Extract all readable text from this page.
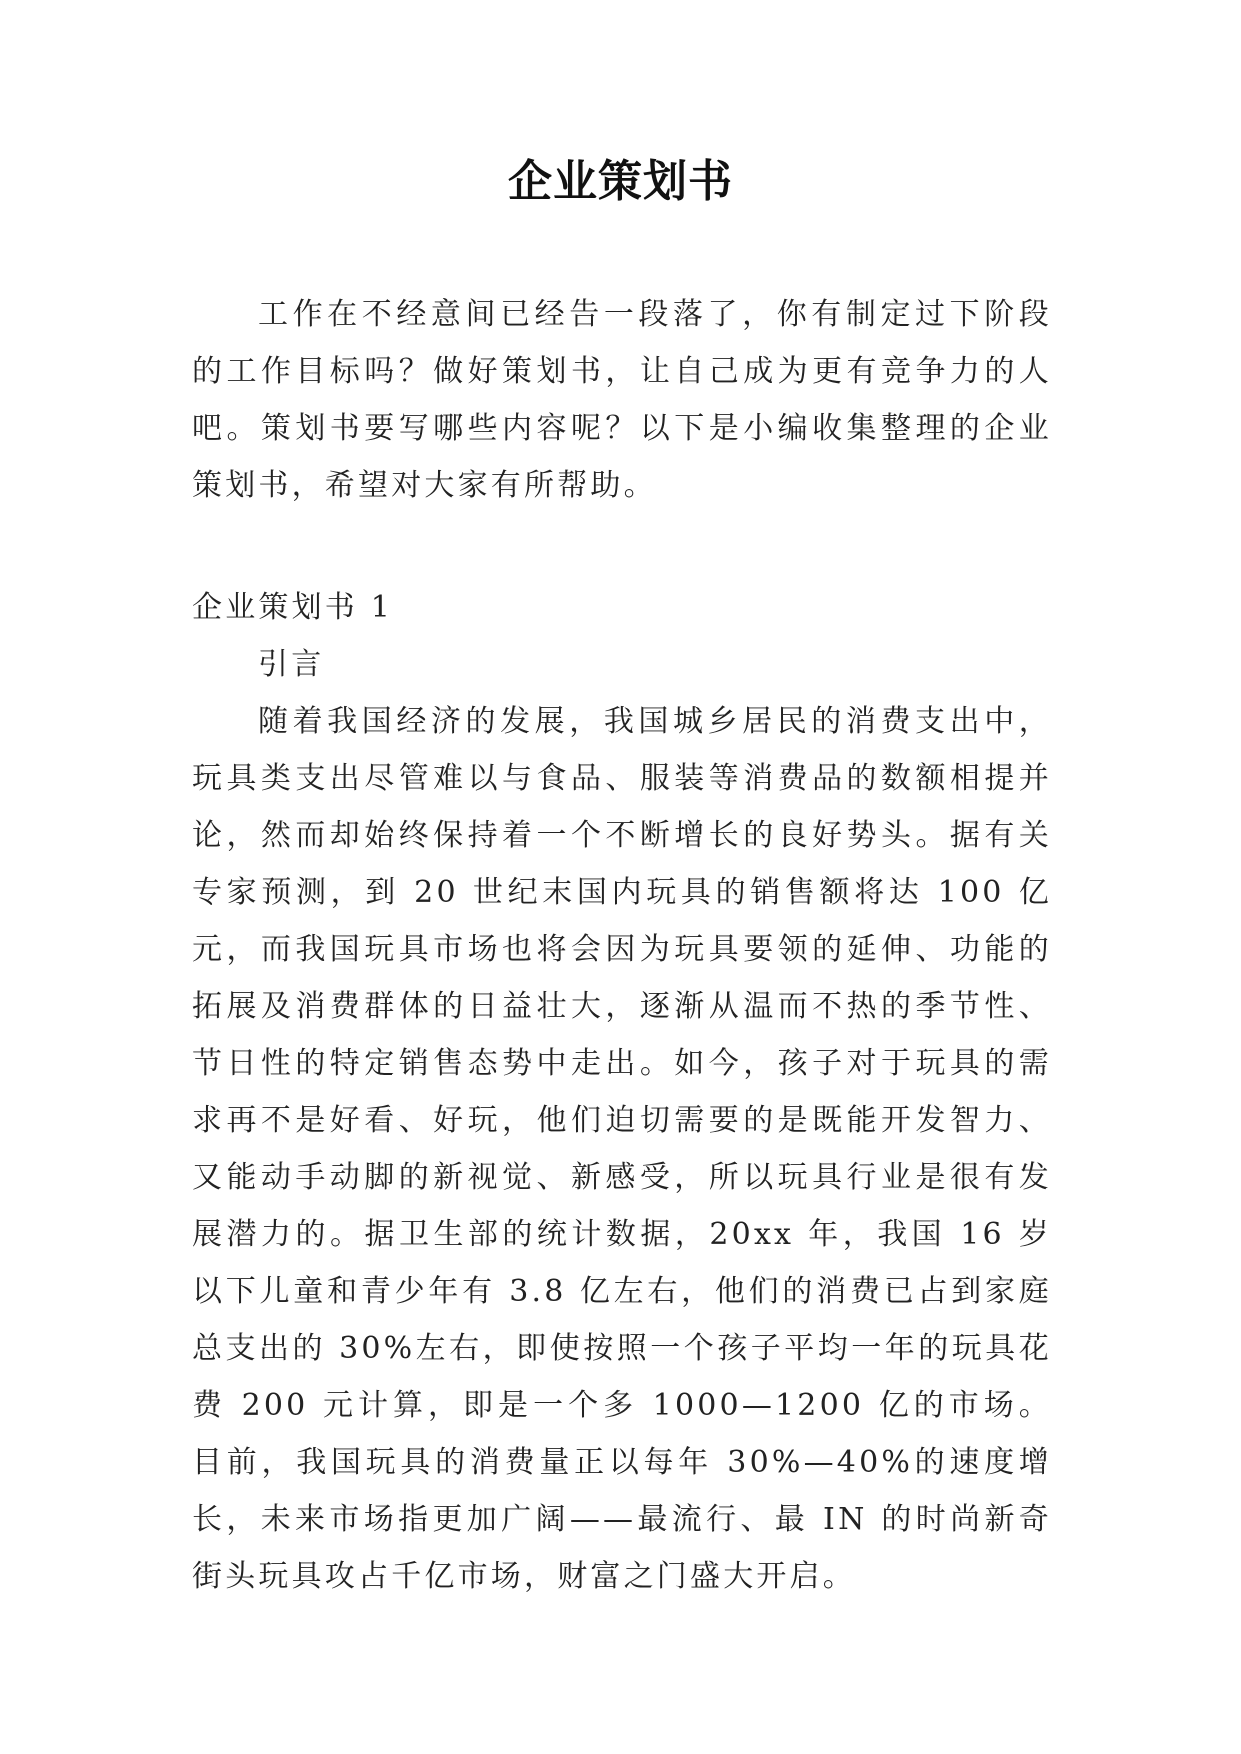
企业策划书

工作在不经意间已经告一段落了，你有制定过下阶段的工作目标吗？做好策划书，让自己成为更有竞争力的人吧。策划书要写哪些内容呢？以下是小编收集整理的企业策划书，希望对大家有所帮助。

企业策划书 1
引言

随着我国经济的发展，我国城乡居民的消费支出中，玩具类支出尽管难以与食品、服装等消费品的数额相提并论，然而却始终保持着一个不断增长的良好势头。据有关专家预测，到 20 世纪末国内玩具的销售额将达 100 亿元，而我国玩具市场也将会因为玩具要领的延伸、功能的拓展及消费群体的日益壮大，逐渐从温而不热的季节性、节日性的特定销售态势中走出。如今，孩子对于玩具的需求再不是好看、好玩，他们迫切需要的是既能开发智力、又能动手动脚的新视觉、新感受，所以玩具行业是很有发展潜力的。据卫生部的统计数据，20xx 年，我国 16 岁以下儿童和青少年有 3.8 亿左右，他们的消费已占到家庭总支出的 30%左右，即使按照一个孩子平均一年的玩具花费 200 元计算，即是一个多 1000—1200 亿的市场。目前，我国玩具的消费量正以每年 30%—40%的速度增长，未来市场指更加广阔——最流行、最 IN 的时尚新奇街头玩具攻占千亿市场，财富之门盛大开启。
